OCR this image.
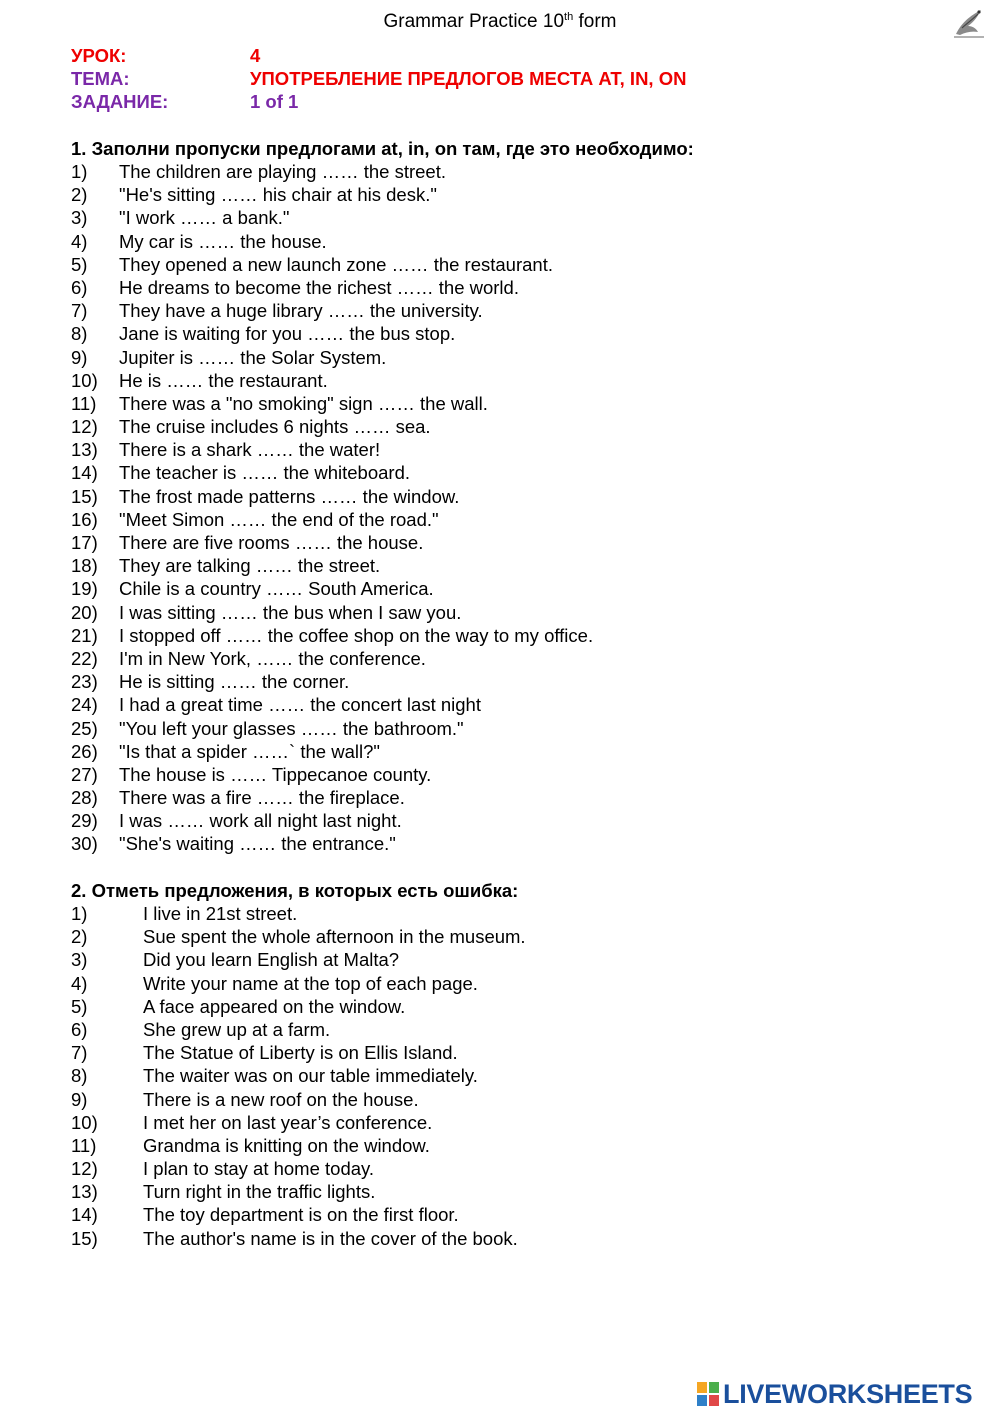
Grammar Practice 10th form
УРОК:	4
ТЕМА:	УПОТРЕБЛЕНИЕ ПРЕДЛОГОВ МЕСТА AT, IN, ON
ЗАДАНИЕ:	1 of 1
1. Заполни пропуски предлогами at, in, on там, где это необходимо:
1) The children are playing …… the street.
2) "He's sitting …… his chair at his desk."
3) "I work …… a bank."
4) My car is …… the house.
5) They opened a new launch zone …… the restaurant.
6) He dreams to become the richest …… the world.
7) They have a huge library …… the university.
8) Jane is waiting for you …… the bus stop.
9) Jupiter is …… the Solar System.
10) He is …… the restaurant.
11) There was a "no smoking" sign …… the wall.
12) The cruise includes 6 nights …… sea.
13) There is a shark …… the water!
14) The teacher is …… the whiteboard.
15) The frost made patterns …… the window.
16) "Meet Simon …… the end of the road."
17) There are five rooms …… the house.
18) They are talking …… the street.
19) Chile is a country …… South America.
20) I was sitting …… the bus when I saw you.
21) I stopped off …… the coffee shop on the way to my office.
22) I'm in New York, …… the conference.
23) He is sitting …… the corner.
24) I had a great time …… the concert last night
25) "You left your glasses …… the bathroom."
26) "Is that a spider ……` the wall?"
27) The house is …… Tippecanoe county.
28) There was a fire …… the fireplace.
29) I was …… work all night last night.
30) "She's waiting …… the entrance."
2. Отметь предложения, в которых есть ошибка:
1)	I live in 21st street.
2)	Sue spent the whole afternoon in the museum.
3)	Did you learn English at Malta?
4)	Write your name at the top of each page.
5)	A face appeared on the window.
6)	She grew up at a farm.
7)	The Statue of Liberty is on Ellis Island.
8)	The waiter was on our table immediately.
9)	There is a new roof on the house.
10) I met her on last year’s conference.
11)	Grandma is knitting on the window.
12) I plan to stay at home today.
13) Turn right in the traffic lights.
14) The toy department is on the first floor.
15) The author's name is in the cover of the book.
LIVEWORKSHEETS
